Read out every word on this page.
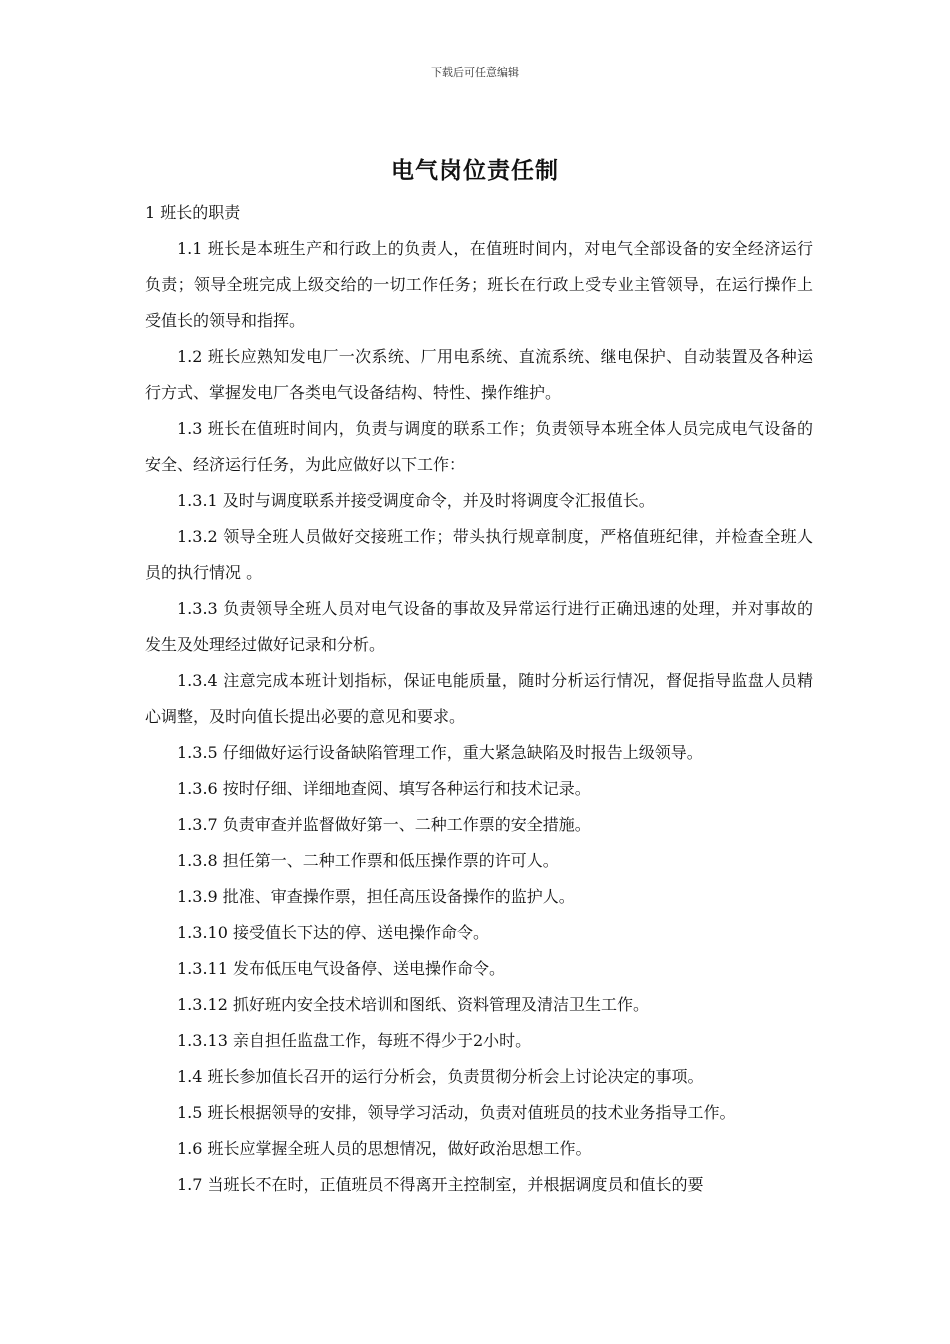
下载后可任意编辑
电气岗位责任制

1 班长的职责

1.1 班长是本班生产和行政上的负责人，在值班时间内，对电气全部设备的安全经济运行负责；领导全班完成上级交给的一切工作任务；班长在行政上受专业主管领导，在运行操作上受值长的领导和指挥。

1.2 班长应熟知发电厂一次系统、厂用电系统、直流系统、继电保护、自动装置及各种运行方式、掌握发电厂各类电气设备结构、特性、操作维护。

1.3 班长在值班时间内，负责与调度的联系工作；负责领导本班全体人员完成电气设备的安全、经济运行任务，为此应做好以下工作：

1.3.1 及时与调度联系并接受调度命令，并及时将调度令汇报值长。

1.3.2 领导全班人员做好交接班工作；带头执行规章制度，严格值班纪律，并检查全班人员的执行情况 。

1.3.3 负责领导全班人员对电气设备的事故及异常运行进行正确迅速的处理，并对事故的发生及处理经过做好记录和分析。

1.3.4 注意完成本班计划指标，保证电能质量，随时分析运行情况，督促指导监盘人员精心调整，及时向值长提出必要的意见和要求。

1.3.5 仔细做好运行设备缺陷管理工作，重大紧急缺陷及时报告上级领导。

1.3.6 按时仔细、详细地查阅、填写各种运行和技术记录。

1.3.7 负责审查并监督做好第一、二种工作票的安全措施。

1.3.8 担任第一、二种工作票和低压操作票的许可人。

1.3.9 批准、审查操作票，担任高压设备操作的监护人。

1.3.10 接受值长下达的停、送电操作命令。

1.3.11 发布低压电气设备停、送电操作命令。

1.3.12 抓好班内安全技术培训和图纸、资料管理及清洁卫生工作。

1.3.13 亲自担任监盘工作，每班不得少于2小时。

1.4 班长参加值长召开的运行分析会，负责贯彻分析会上讨论决定的事项。

1.5 班长根据领导的安排，领导学习活动，负责对值班员的技术业务指导工作。

1.6 班长应掌握全班人员的思想情况，做好政治思想工作。

1.7 当班长不在时，正值班员不得离开主控制室，并根据调度员和值长的要
